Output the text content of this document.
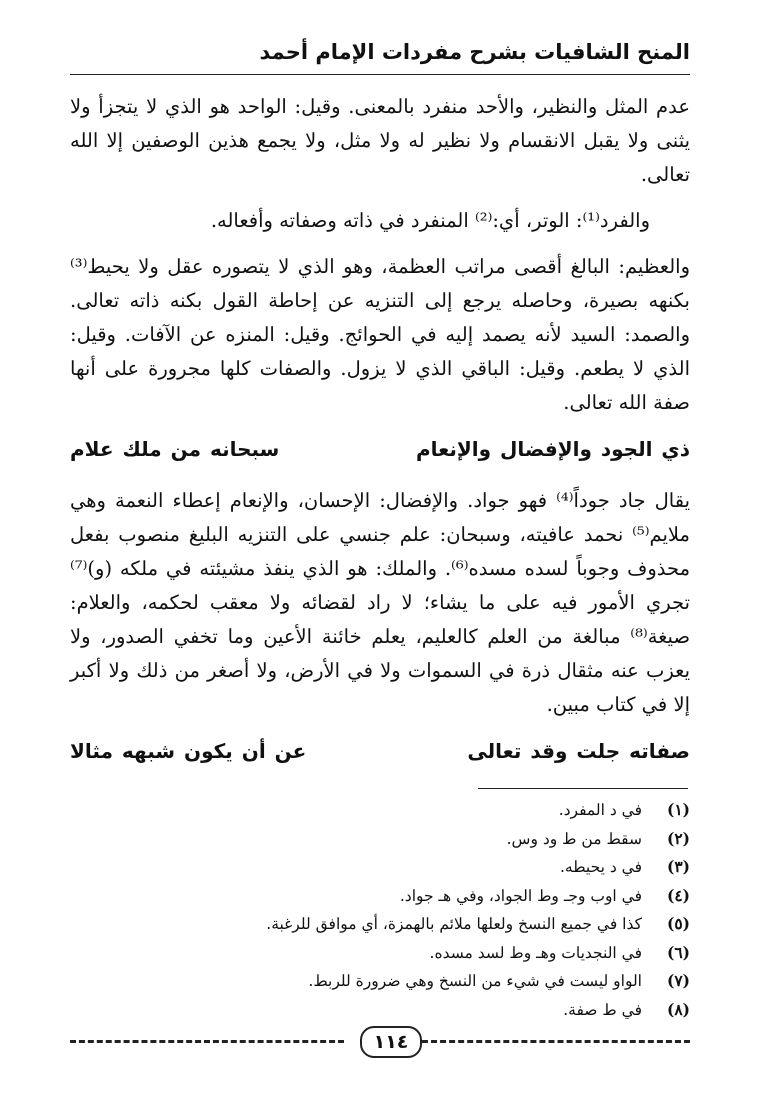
المنح الشافيات بشرح مفردات الإمام أحمد

عدم المثل والنظير، والأحد منفرد بالمعنى. وقيل: الواحد هو الذي لا يتجزأ ولا يثنى ولا يقبل الانقسام ولا نظير له ولا مثل، ولا يجمع هذين الوصفين إلا الله تعالى.

والفرد⁽¹⁾: الوتر، أي:⁽²⁾ المنفرد في ذاته وصفاته وأفعاله.

والعظيم: البالغ أقصى مراتب العظمة، وهو الذي لا يتصوره عقل ولا يحيط⁽³⁾ بكنهه بصيرة، وحاصله يرجع إلى التنزيه عن إحاطة القول بكنه ذاته تعالى. والصمد: السيد لأنه يصمد إليه في الحوائج. وقيل: المنزه عن الآفات. وقيل: الذي لا يطعم. وقيل: الباقي الذي لا يزول. والصفات كلها مجرورة على أنها صفة الله تعالى.

ذي الجود والإفضال والإنعام
سبحانه من ملك علام

يقال جاد جوداً⁽⁴⁾ فهو جواد. والإفضال: الإحسان، والإنعام إعطاء النعمة وهي ملايم⁽⁵⁾ نحمد عافيته، وسبحان: علم جنسي على التنزيه البليغ منصوب بفعل محذوف وجوباً لسده مسده⁽⁶⁾. والملك: هو الذي ينفذ مشيئته في ملكه (و)⁽⁷⁾ تجري الأمور فيه على ما يشاء؛ لا راد لقضائه ولا معقب لحكمه، والعلام: صيغة⁽⁸⁾ مبالغة من العلم كالعليم، يعلم خائنة الأعين وما تخفي الصدور، ولا يعزب عنه مثقال ذرة في السموات ولا في الأرض، ولا أصغر من ذلك ولا أكبر إلا في كتاب مبين.

صفاته جلت وقد تعالى
عن أن يكون شبهه مثالا
(١)
في د المفرد.
(٢)
سقط من ط ود وس.
(٣)
في د يحيطه.
(٤)
في اوب وجـ وط الجواد، وفي هـ جواد.
(٥)
كذا في جميع النسخ ولعلها ملائم بالهمزة، أي موافق للرغبة.
(٦)
في النجديات وهـ وط لسد مسده.
(٧)
الواو ليست في شيء من النسخ وهي ضرورة للربط.
(٨)
في ط صفة.
١١٤
